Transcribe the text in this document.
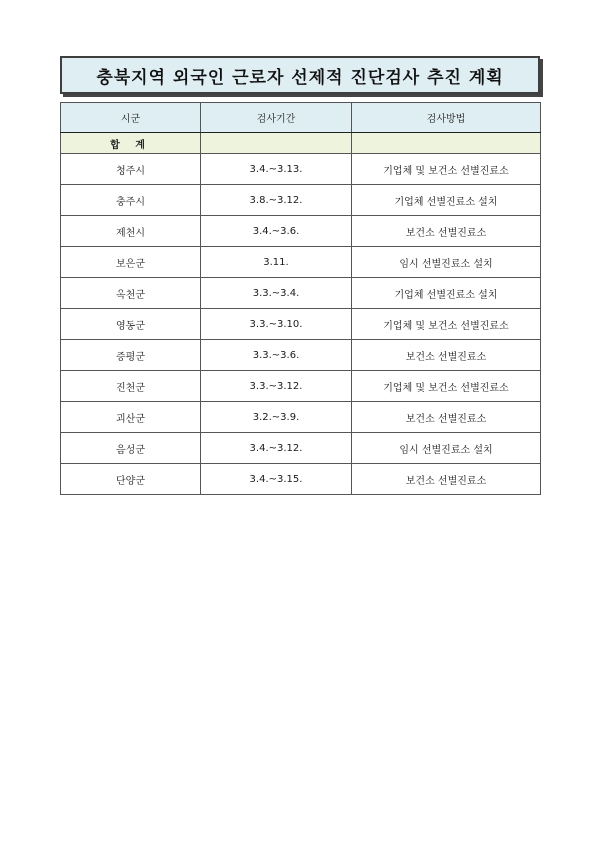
충북지역 외국인 근로자 선제적 진단검사 추진 계획
시군	검사기간	검사방법
합 계		
청주시	3.4.~3.13.	기업체 및 보건소 선별진료소
충주시	3.8.~3.12.	기업체 선별진료소 설치
제천시	3.4.~3.6.	보건소 선별진료소
보은군	3.11.	임시 선별진료소 설치
옥천군	3.3.~3.4.	기업체 선별진료소 설치
영동군	3.3.~3.10.	기업체 및 보건소 선별진료소
증평군	3.3.~3.6.	보건소 선별진료소
진천군	3.3.~3.12.	기업체 및 보건소 선별진료소
괴산군	3.2.~3.9.	보건소 선별진료소
음성군	3.4.~3.12.	임시 선별진료소 설치
단양군	3.4.~3.15.	보건소 선별진료소
